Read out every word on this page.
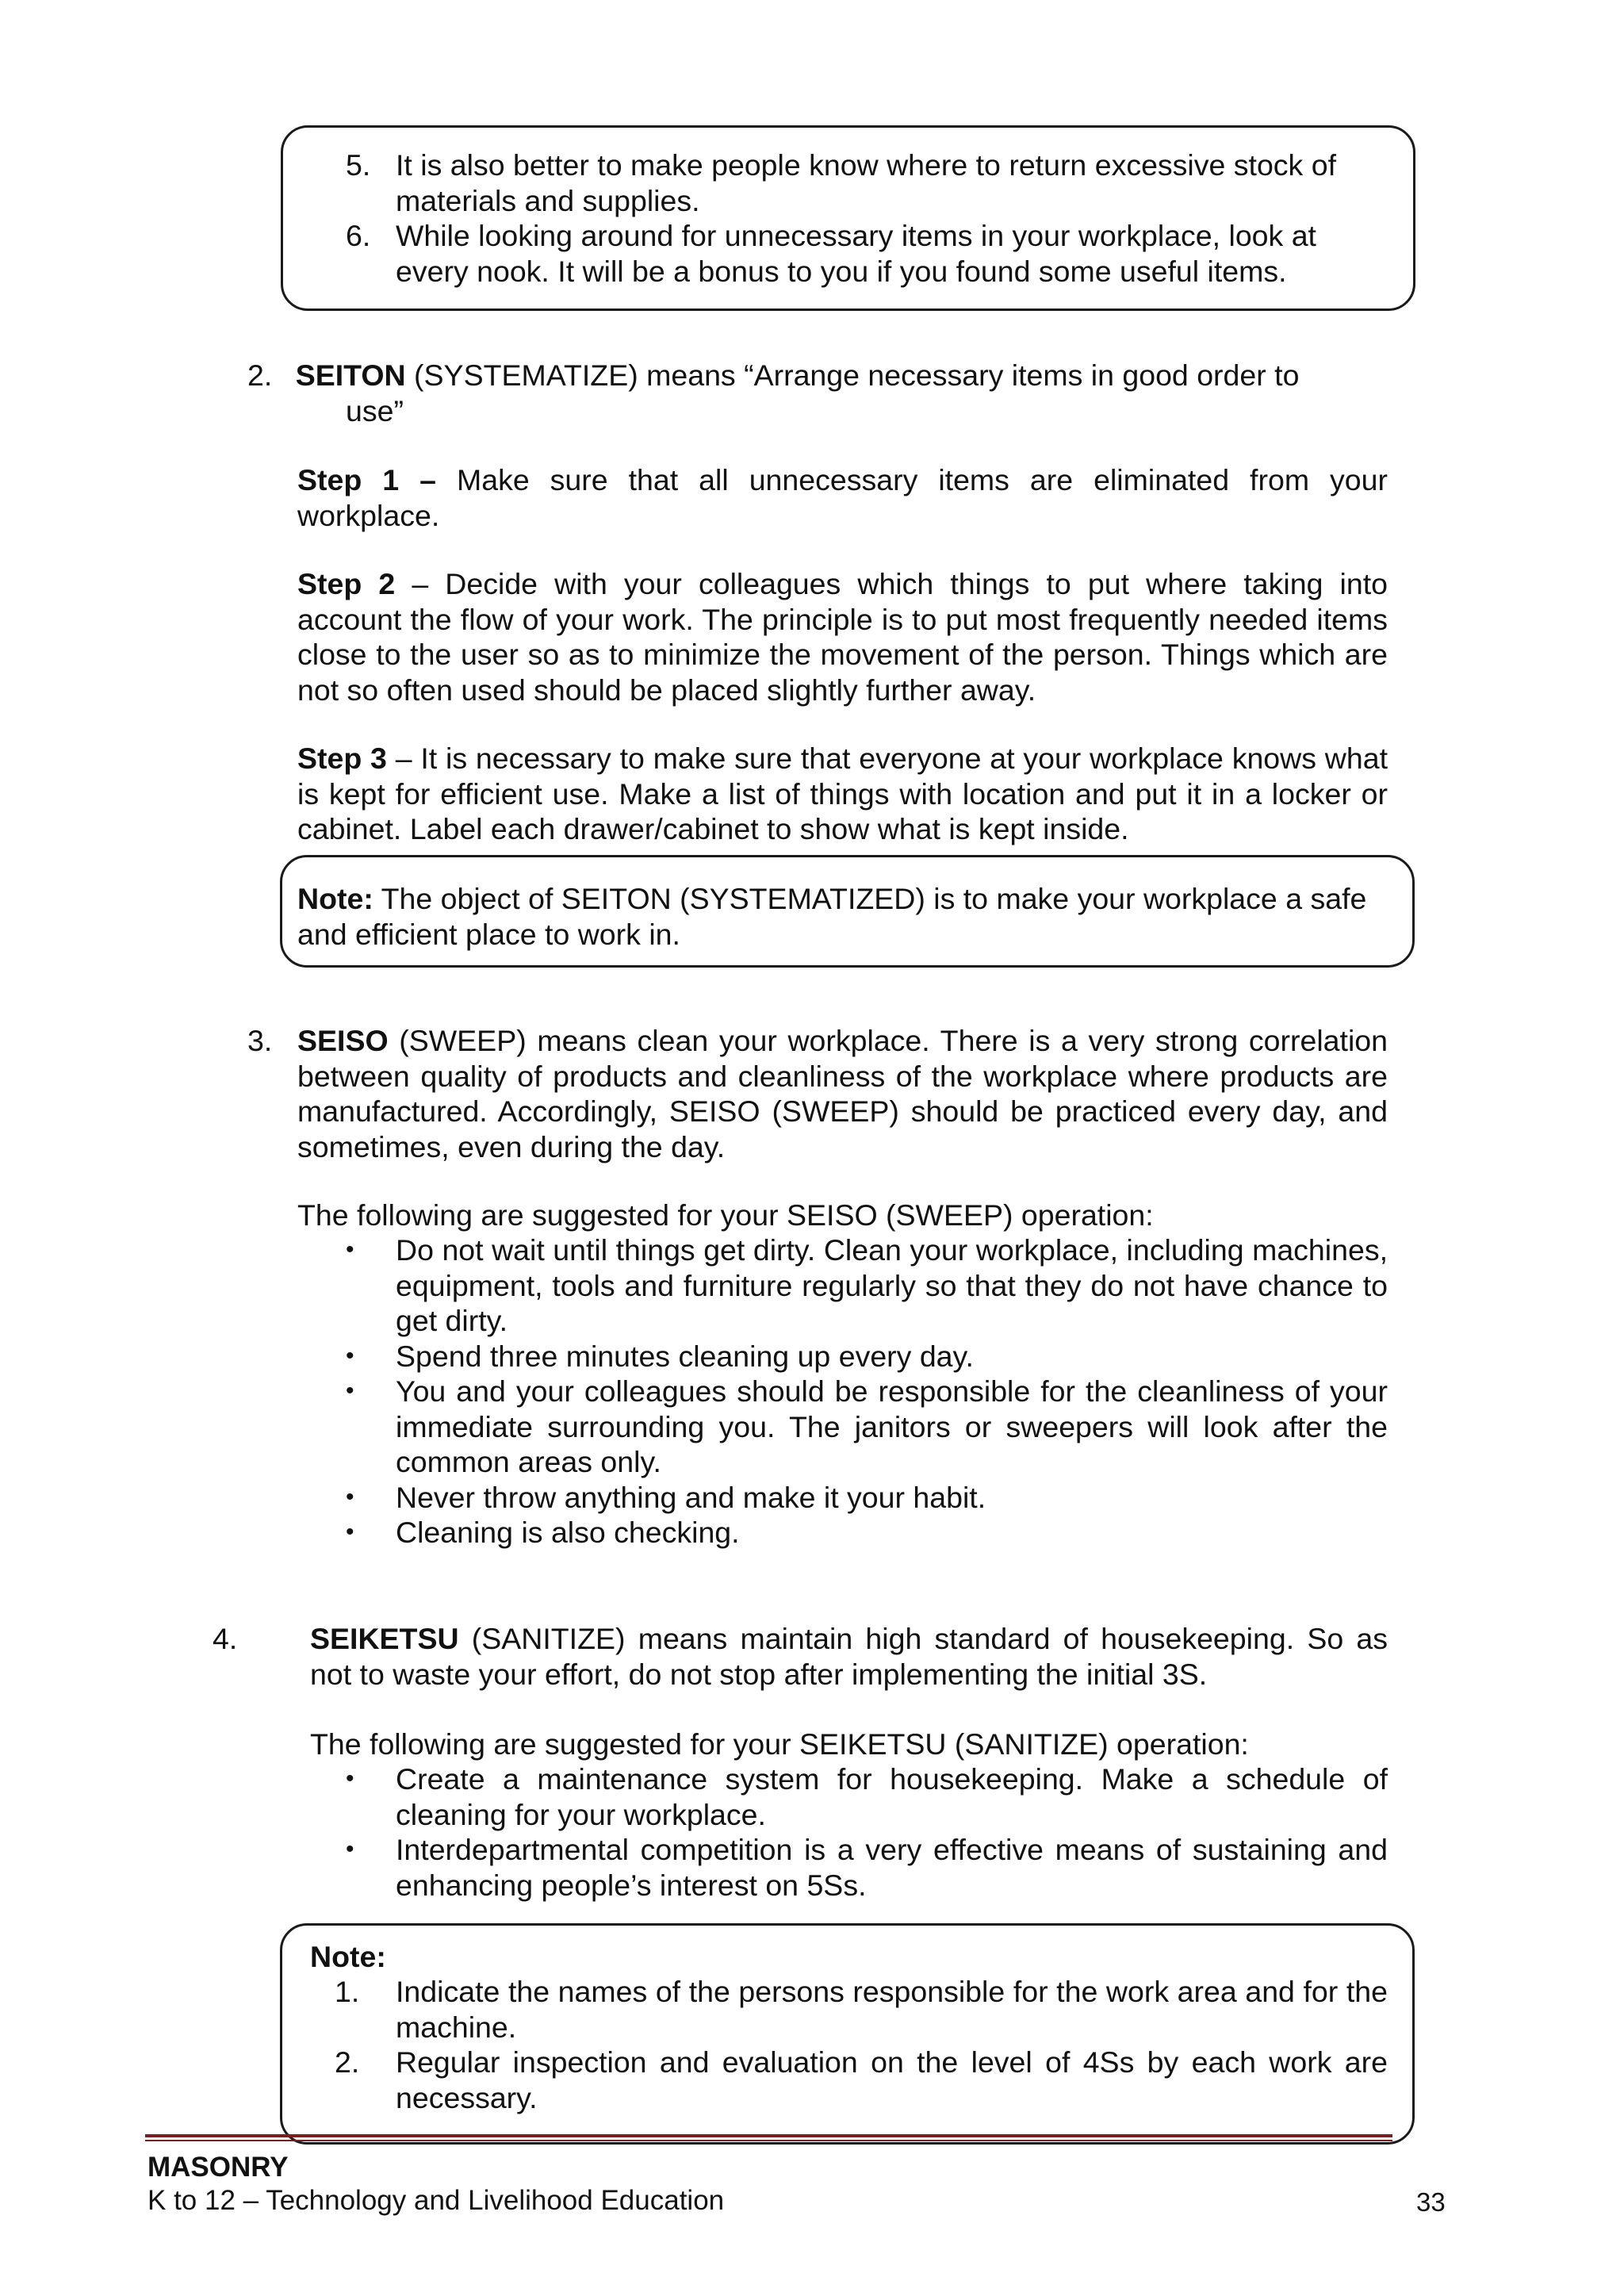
5. It is also better to make people know where to return excessive stock of materials and supplies.
6. While looking around for unnecessary items in your workplace, look at every nook. It will be a bonus to you if you found some useful items.
2. SEITON (SYSTEMATIZE) means “Arrange necessary items in good order to
use”
Step 1 – Make sure that all unnecessary items are eliminated from your workplace.
Step 2 – Decide with your colleagues which things to put where taking into account the flow of your work. The principle is to put most frequently needed items close to the user so as to minimize the movement of the person. Things which are not so often used should be placed slightly further away.
Step 3 – It is necessary to make sure that everyone at your workplace knows what is kept for efficient use. Make a list of things with location and put it in a locker or cabinet. Label each drawer/cabinet to show what is kept inside.
Note: The object of SEITON (SYSTEMATIZED) is to make your workplace a safe and efficient place to work in.
3. SEISO (SWEEP) means clean your workplace. There is a very strong correlation between quality of products and cleanliness of the workplace where products are manufactured. Accordingly, SEISO (SWEEP) should be practiced every day, and sometimes, even during the day.
The following are suggested for your SEISO (SWEEP) operation:
• Do not wait until things get dirty. Clean your workplace, including machines, equipment, tools and furniture regularly so that they do not have chance to get dirty.
• Spend three minutes cleaning up every day.
• You and your colleagues should be responsible for the cleanliness of your immediate surrounding you. The janitors or sweepers will look after the common areas only.
• Never throw anything and make it your habit.
• Cleaning is also checking.
4. SEIKETSU (SANITIZE) means maintain high standard of housekeeping. So as not to waste your effort, do not stop after implementing the initial 3S.
The following are suggested for your SEIKETSU (SANITIZE) operation:
• Create a maintenance system for housekeeping. Make a schedule of cleaning for your workplace.
• Interdepartmental competition is a very effective means of sustaining and enhancing people’s interest on 5Ss.
Note:
1. Indicate the names of the persons responsible for the work area and for the machine.
2. Regular inspection and evaluation on the level of 4Ss by each work are necessary.
MASONRY
K to 12 – Technology and Livelihood Education	33
